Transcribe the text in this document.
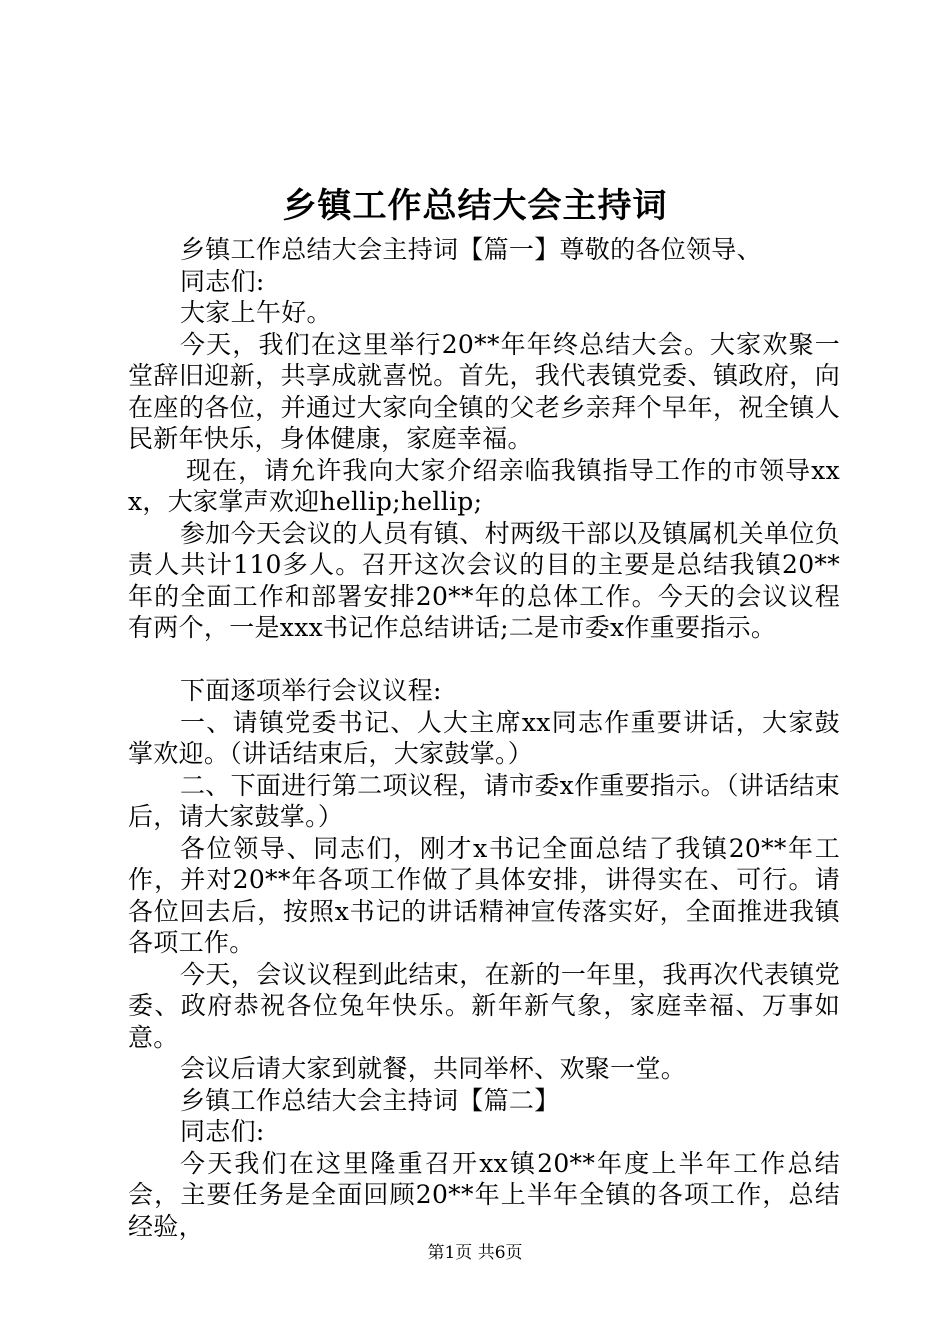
乡镇工作总结大会主持词

乡镇工作总结大会主持词【篇一】尊敬的各位领导、

同志们:

大家上午好。

今天，我们在这里举行20**年年终总结大会。大家欢聚一堂辞旧迎新，共享成就喜悦。首先，我代表镇党委、镇政府，向在座的各位，并通过大家向全镇的父老乡亲拜个早年，祝全镇人民新年快乐，身体健康，家庭幸福。

现在，请允许我向大家介绍亲临我镇指导工作的市领导xxx，大家掌声欢迎hellip;hellip;

参加今天会议的人员有镇、村两级干部以及镇属机关单位负责人共计110多人。召开这次会议的目的主要是总结我镇20**年的全面工作和部署安排20**年的总体工作。今天的会议议程有两个，一是xxx书记作总结讲话;二是市委x作重要指示。

下面逐项举行会议议程:

一、请镇党委书记、人大主席xx同志作重要讲话，大家鼓掌欢迎。（讲话结束后，大家鼓掌。）

二、下面进行第二项议程，请市委x作重要指示。（讲话结束后，请大家鼓掌。）

各位领导、同志们，刚才x书记全面总结了我镇20**年工作，并对20**年各项工作做了具体安排，讲得实在、可行。请各位回去后，按照x书记的讲话精神宣传落实好，全面推进我镇各项工作。

今天，会议议程到此结束，在新的一年里，我再次代表镇党委、政府恭祝各位兔年快乐。新年新气象，家庭幸福、万事如意。

会议后请大家到就餐，共同举杯、欢聚一堂。

乡镇工作总结大会主持词【篇二】

同志们:

今天我们在这里隆重召开xx镇20**年度上半年工作总结会，主要任务是全面回顾20**年上半年全镇的各项工作，总结经验，

第1页 共6页
